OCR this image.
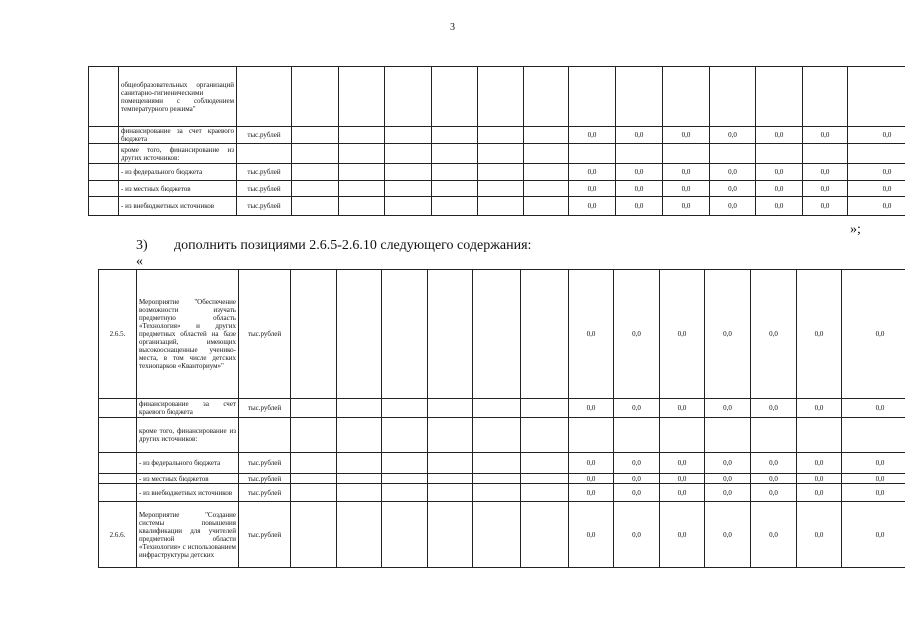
3
	общеобразовательных организаций санитарно-гигиеническими помещениями с соблюдением температурного режима"														
	финансирование за счет краевого бюджета	тыс.рублей							0,0	0,0	0,0	0,0	0,0	0,0	0,0
	кроме того, финансирование из других источников:														
	- из федерального бюджета	тыс.рублей							0,0	0,0	0,0	0,0	0,0	0,0	0,0
	- из местных бюджетов	тыс.рублей							0,0	0,0	0,0	0,0	0,0	0,0	0,0
	- из внебюджетных источников	тыс.рублей							0,0	0,0	0,0	0,0	0,0	0,0	0,0
»;
3) дополнить позициями 2.6.5-2.6.10 следующего содержания:
«
2.6.5.	Мероприятие "Обеспечение возможности изучать предметную область «Технология» и других предметных областей на базе организаций, имеющих высокооснащенные ученико-места, в том числе детских технопарков «Кванториум»"	тыс.рублей							0,0	0,0	0,0	0,0	0,0	0,0	0,0
	финансирование за счет краевого бюджета	тыс.рублей							0,0	0,0	0,0	0,0	0,0	0,0	0,0
	кроме того, финансирование из других источников:														
	- из федерального бюджета	тыс.рублей							0,0	0,0	0,0	0,0	0,0	0,0	0,0
	- из местных бюджетов	тыс.рублей							0,0	0,0	0,0	0,0	0,0	0,0	0,0
	- из внебюджетных источников	тыс.рублей							0,0	0,0	0,0	0,0	0,0	0,0	0,0
2.6.6.	Мероприятие "Создание системы повышения квалификации для учителей предметной области «Технология» с использованием инфраструктуры детских	тыс.рублей							0,0	0,0	0,0	0,0	0,0	0,0	0,0
